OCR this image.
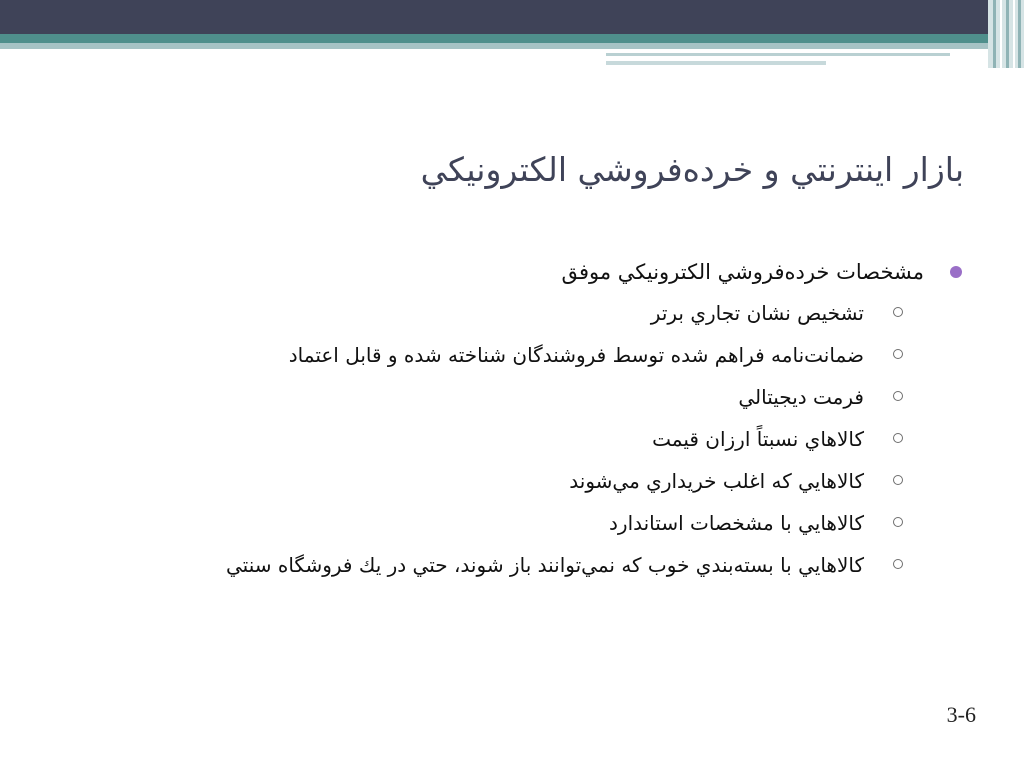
بازار اينترنتي و خرده‌فروشي الكترونيكي
مشخصات خرده‌فروشي الكترونيكي موفق
تشخيص نشان تجاري برتر
ضمانت‌نامه فراهم شده توسط فروشندگان شناخته شده و قابل اعتماد
فرمت ديجيتالي
كالاهاي نسبتاً ارزان قيمت
كالاهايي كه اغلب خريداري مي‌شوند
كالاهايي با مشخصات استاندارد
كالاهايي با بسته‌بندي خوب كه نمي‌توانند باز شوند، حتي در يك فروشگاه سنتي
3-6
